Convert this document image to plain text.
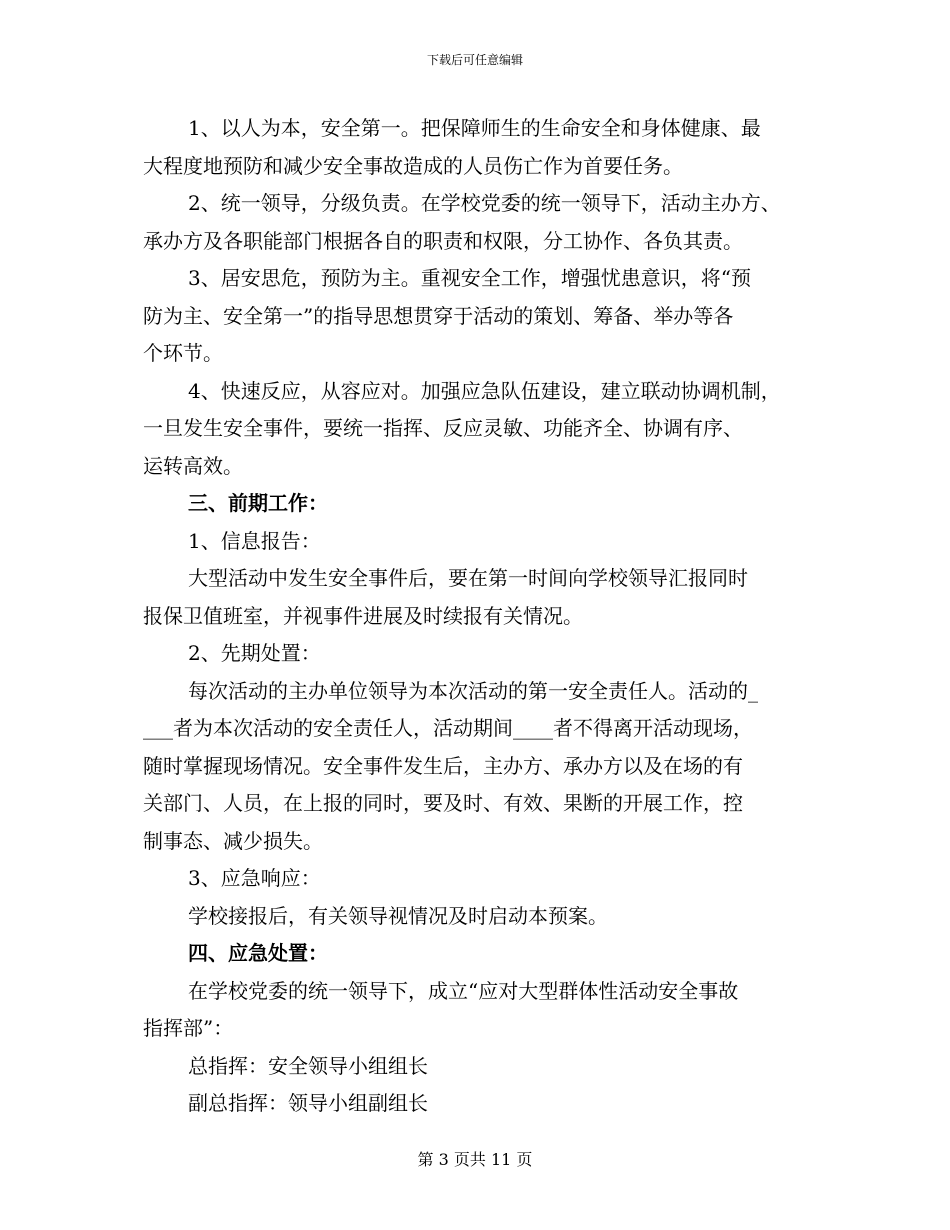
下载后可任意编辑
1、以人为本，安全第一。把保障师生的生命安全和身体健康、最
大程度地预防和减少安全事故造成的人员伤亡作为首要任务。
2、统一领导，分级负责。在学校党委的统一领导下，活动主办方、
承办方及各职能部门根据各自的职责和权限，分工协作、各负其责。
3、居安思危，预防为主。重视安全工作，增强忧患意识，将“预
防为主、安全第一”的指导思想贯穿于活动的策划、筹备、举办等各
个环节。
4、快速反应，从容应对。加强应急队伍建设，建立联动协调机制，
一旦发生安全事件，要统一指挥、反应灵敏、功能齐全、协调有序、
运转高效。
三、前期工作：
1、信息报告：
大型活动中发生安全事件后，要在第一时间向学校领导汇报同时
报保卫值班室，并视事件进展及时续报有关情况。
2、先期处置：
每次活动的主办单位领导为本次活动的第一安全责任人。活动的_
___者为本次活动的安全责任人，活动期间____者不得离开活动现场，
随时掌握现场情况。安全事件发生后，主办方、承办方以及在场的有
关部门、人员，在上报的同时，要及时、有效、果断的开展工作，控
制事态、减少损失。
3、应急响应：
学校接报后，有关领导视情况及时启动本预案。
四、应急处置：
在学校党委的统一领导下，成立“应对大型群体性活动安全事故
指挥部”：
总指挥：安全领导小组组长
副总指挥：领导小组副组长
第 3 页共 11 页
